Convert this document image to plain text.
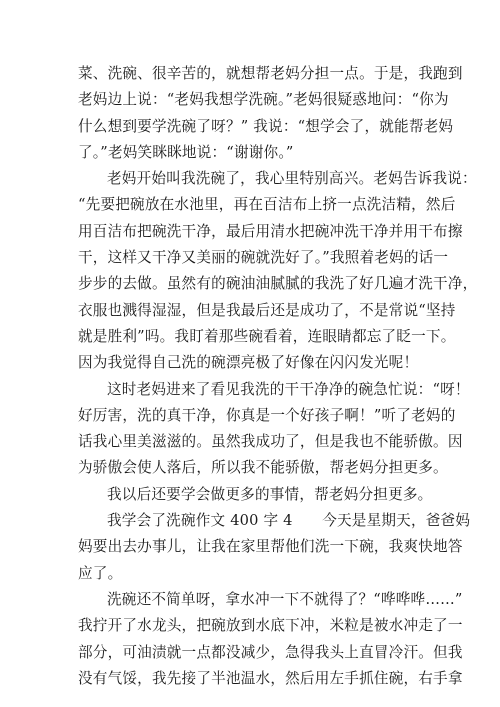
菜、洗碗、很辛苦的，就想帮老妈分担一点。于是，我跑到
老妈边上说：“老妈我想学洗碗。”老妈很疑惑地问：“你为
什么想到要学洗碗了呀？” 我说：“想学会了，就能帮老妈
了。”老妈笑眯眯地说：“谢谢你。”

老妈开始叫我洗碗了，我心里特别高兴。老妈告诉我说：
“先要把碗放在水池里，再在百洁布上挤一点洗洁精，然后
用百洁布把碗洗干净，最后用清水把碗冲洗干净并用干布擦
干，这样又干净又美丽的碗就洗好了。”我照着老妈的话一
步步的去做。虽然有的碗油油腻腻的我洗了好几遍才洗干净，
衣服也溅得湿湿，但是我最后还是成功了，不是常说“坚持
就是胜利”吗。我盯着那些碗看着，连眼睛都忘了眨一下。
因为我觉得自己洗的碗漂亮极了好像在闪闪发光呢！

这时老妈进来了看见我洗的干干净净的碗急忙说：“呀！
好厉害，洗的真干净，你真是一个好孩子啊！”听了老妈的
话我心里美滋滋的。虽然我成功了，但是我也不能骄傲。因
为骄傲会使人落后，所以我不能骄傲，帮老妈分担更多。

我以后还要学会做更多的事情，帮老妈分担更多。

我学会了洗碗作文 400 字 4　　今天是星期天，爸爸妈
妈要出去办事儿，让我在家里帮他们洗一下碗，我爽快地答
应了。

洗碗还不简单呀，拿水冲一下不就得了？“哗哗哗……”
我拧开了水龙头，把碗放到水底下冲，米粒是被水冲走了一
部分，可油渍就一点都没减少，急得我头上直冒冷汗。但我
没有气馁，我先接了半池温水，然后用左手抓住碗，右手拿
